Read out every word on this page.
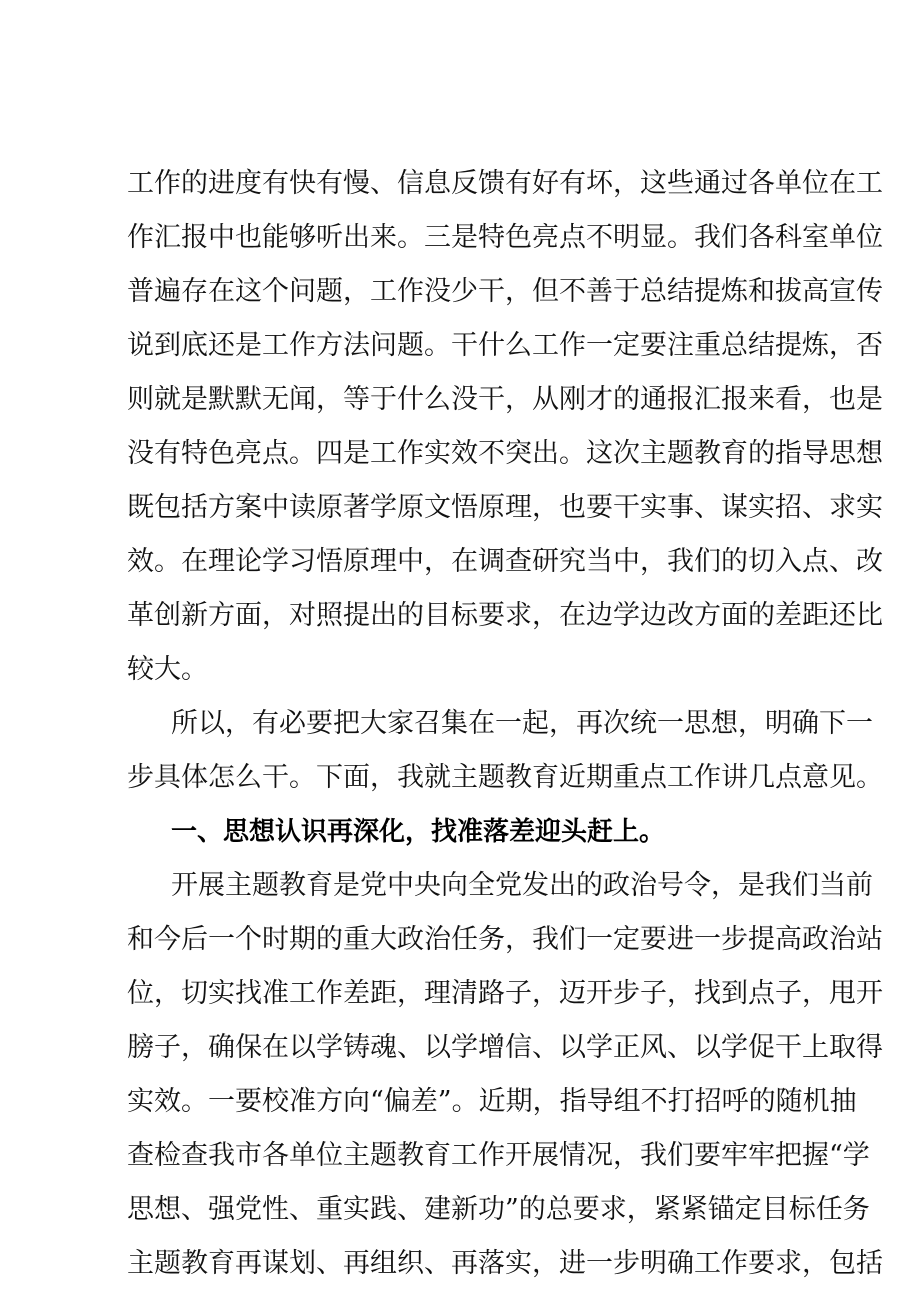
工作的进度有快有慢、信息反馈有好有坏，这些通过各单位在工
作汇报中也能够听出来。三是特色亮点不明显。我们各科室单位
普遍存在这个问题，工作没少干，但不善于总结提炼和拔高宣传
说到底还是工作方法问题。干什么工作一定要注重总结提炼，否
则就是默默无闻，等于什么没干，从刚才的通报汇报来看，也是
没有特色亮点。四是工作实效不突出。这次主题教育的指导思想
既包括方案中读原著学原文悟原理，也要干实事、谋实招、求实
效。在理论学习悟原理中，在调查研究当中，我们的切入点、改
革创新方面，对照提出的目标要求，在边学边改方面的差距还比
较大。
所以，有必要把大家召集在一起，再次统一思想，明确下一
步具体怎么干。下面，我就主题教育近期重点工作讲几点意见。
一、思想认识再深化，找准落差迎头赶上。
开展主题教育是党中央向全党发出的政治号令，是我们当前
和今后一个时期的重大政治任务，我们一定要进一步提高政治站
位，切实找准工作差距，理清路子，迈开步子，找到点子，甩开
膀子，确保在以学铸魂、以学增信、以学正风、以学促干上取得
实效。一要校准方向“偏差”。近期，指导组不打招呼的随机抽
查检查我市各单位主题教育工作开展情况，我们要牢牢把握“学
思想、强党性、重实践、建新功”的总要求，紧紧锚定目标任务
主题教育再谋划、再组织、再落实，进一步明确工作要求，包括
